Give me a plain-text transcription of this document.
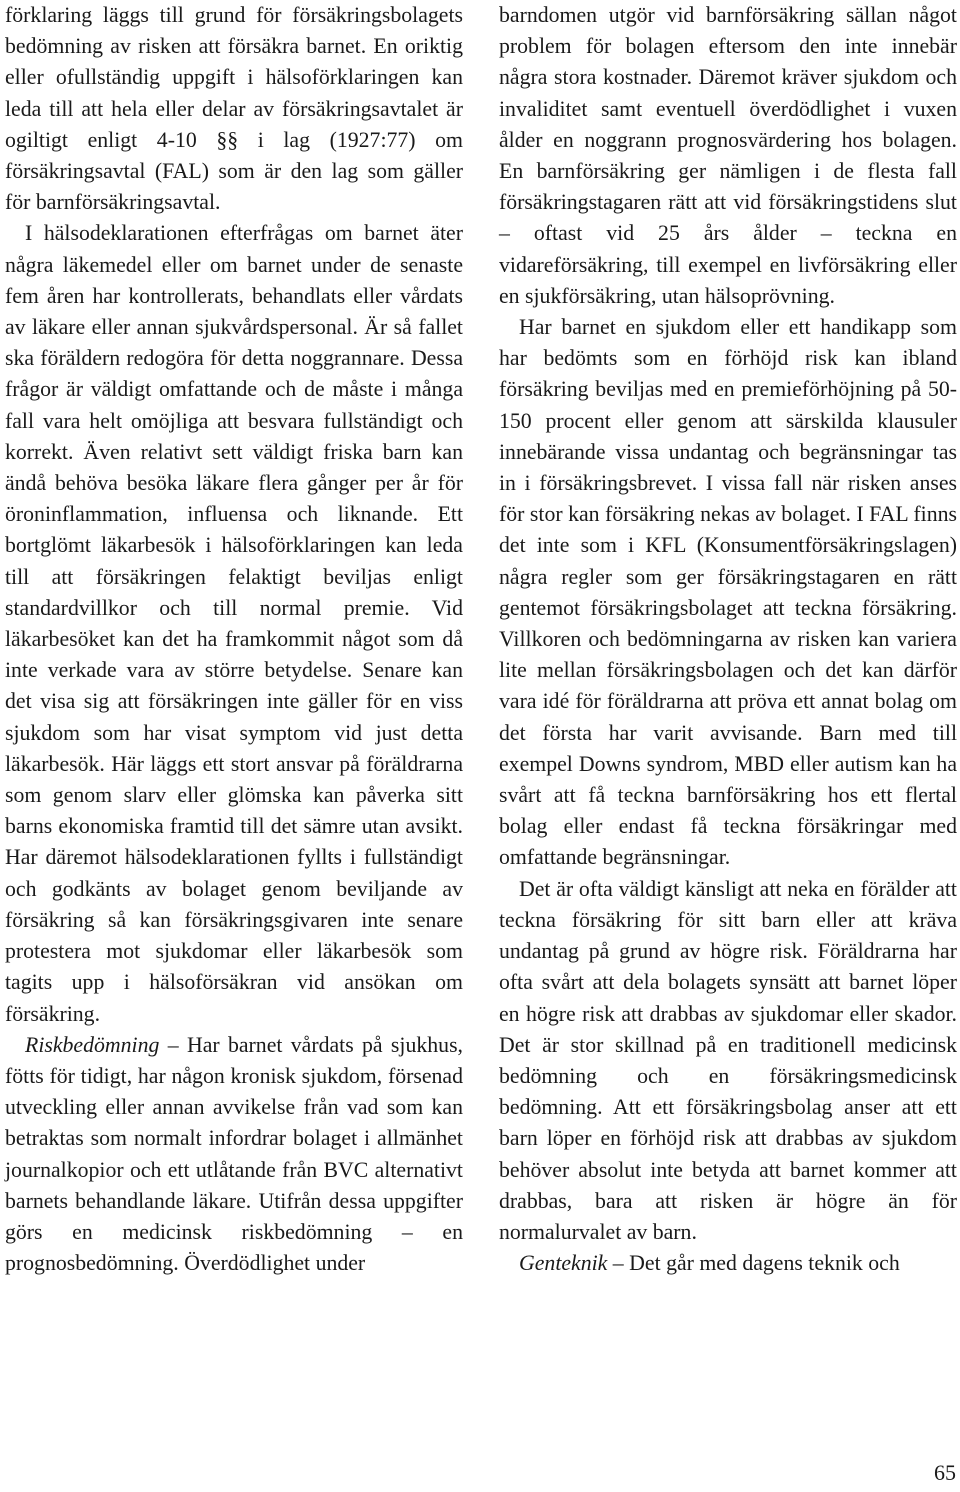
förklaring läggs till grund för försäkringsbolagets bedömning av risken att försäkra barnet. En oriktig eller ofullständig uppgift i hälsoförklaringen kan leda till att hela eller delar av försäkringsavtalet är ogiltigt enligt 4-10 §§ i lag (1927:77) om försäkringsavtal (FAL) som är den lag som gäller för barnförsäkringsavtal.

I hälsodeklarationen efterfrågas om barnet äter några läkemedel eller om barnet under de senaste fem åren har kontrollerats, behandlats eller vårdats av läkare eller annan sjukvårdspersonal. Är så fallet ska föräldern redogöra för detta noggrannare. Dessa frågor är väldigt omfattande och de måste i många fall vara helt omöjliga att besvara fullständigt och korrekt. Även relativt sett väldigt friska barn kan ändå behöva besöka läkare flera gånger per år för öroninflammation, influensa och liknande. Ett bortglömt läkarbesök i hälsoförklaringen kan leda till att försäkringen felaktigt beviljas enligt standardvillkor och till normal premie. Vid läkarbesöket kan det ha framkommit något som då inte verkade vara av större betydelse. Senare kan det visa sig att försäkringen inte gäller för en viss sjukdom som har visat symptom vid just detta läkarbesök. Här läggs ett stort ansvar på föräldrarna som genom slarv eller glömska kan påverka sitt barns ekonomiska framtid till det sämre utan avsikt. Har däremot hälsodeklarationen fyllts i fullständigt och godkänts av bolaget genom beviljande av försäkring så kan försäkringsgivaren inte senare protestera mot sjukdomar eller läkarbesök som tagits upp i hälsoförsäkran vid ansökan om försäkring.

Riskbedömning – Har barnet vårdats på sjukhus, fötts för tidigt, har någon kronisk sjukdom, försenad utveckling eller annan avvikelse från vad som kan betraktas som normalt infordrar bolaget i allmänhet journalkopior och ett utlåtande från BVC alternativt barnets behandlande läkare. Utifrån dessa uppgifter görs en medicinsk riskbedömning – en prognosbedömning. Överdödlighet under

barndomen utgör vid barnförsäkring sällan något problem för bolagen eftersom den inte innebär några stora kostnader. Däremot kräver sjukdom och invaliditet samt eventuell överdödlighet i vuxen ålder en noggrann prognosvärdering hos bolagen. En barnförsäkring ger nämligen i de flesta fall försäkringstagaren rätt att vid försäkringstidens slut – oftast vid 25 års ålder – teckna en vidareförsäkring, till exempel en livförsäkring eller en sjukförsäkring, utan hälsoprövning.

Har barnet en sjukdom eller ett handikapp som har bedömts som en förhöjd risk kan ibland försäkring beviljas med en premieförhöjning på 50-150 procent eller genom att särskilda klausuler innebärande vissa undantag och begränsningar tas in i försäkringsbrevet. I vissa fall när risken anses för stor kan försäkring nekas av bolaget. I FAL finns det inte som i KFL (Konsumentförsäkringslagen) några regler som ger försäkringstagaren en rätt gentemot försäkringsbolaget att teckna försäkring. Villkoren och bedömningarna av risken kan variera lite mellan försäkringsbolagen och det kan därför vara idé för föräldrarna att pröva ett annat bolag om det första har varit avvisande. Barn med till exempel Downs syndrom, MBD eller autism kan ha svårt att få teckna barnförsäkring hos ett flertal bolag eller endast få teckna försäkringar med omfattande begränsningar.

Det är ofta väldigt känsligt att neka en förälder att teckna försäkring för sitt barn eller att kräva undantag på grund av högre risk. Föräldrarna har ofta svårt att dela bolagets synsätt att barnet löper en högre risk att drabbas av sjukdomar eller skador. Det är stor skillnad på en traditionell medicinsk bedömning och en försäkringsmedicinsk bedömning. Att ett försäkringsbolag anser att ett barn löper en förhöjd risk att drabbas av sjukdom behöver absolut inte betyda att barnet kommer att drabbas, bara att risken är högre än för normalurvalet av barn.

Genteknik – Det går med dagens teknik och

65
